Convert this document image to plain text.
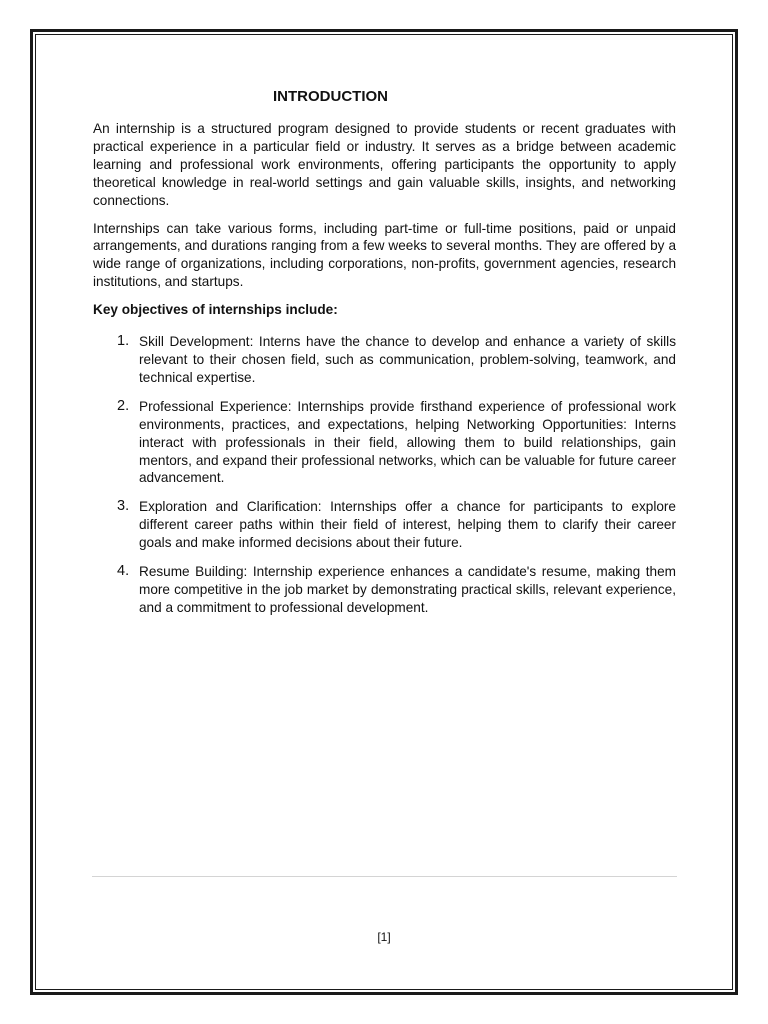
INTRODUCTION

An internship is a structured program designed to provide students or recent graduates with practical experience in a particular field or industry. It serves as a bridge between academic learning and professional work environments, offering participants the opportunity to apply theoretical knowledge in real-world settings and gain valuable skills, insights, and networking connections.

Internships can take various forms, including part-time or full-time positions, paid or unpaid arrangements, and durations ranging from a few weeks to several months. They are offered by a wide range of organizations, including corporations, non-profits, government agencies, research institutions, and startups.

Key objectives of internships include:

1. Skill Development: Interns have the chance to develop and enhance a variety of skills relevant to their chosen field, such as communication, problem-solving, teamwork, and technical expertise.
2. Professional Experience: Internships provide firsthand experience of professional work environments, practices, and expectations, helping Networking Opportunities: Interns interact with professionals in their field, allowing them to build relationships, gain mentors, and expand their professional networks, which can be valuable for future career advancement.
3. Exploration and Clarification: Internships offer a chance for participants to explore different career paths within their field of interest, helping them to clarify their career goals and make informed decisions about their future.
4. Resume Building: Internship experience enhances a candidate's resume, making them more competitive in the job market by demonstrating practical skills, relevant experience, and a commitment to professional development.
[1]
